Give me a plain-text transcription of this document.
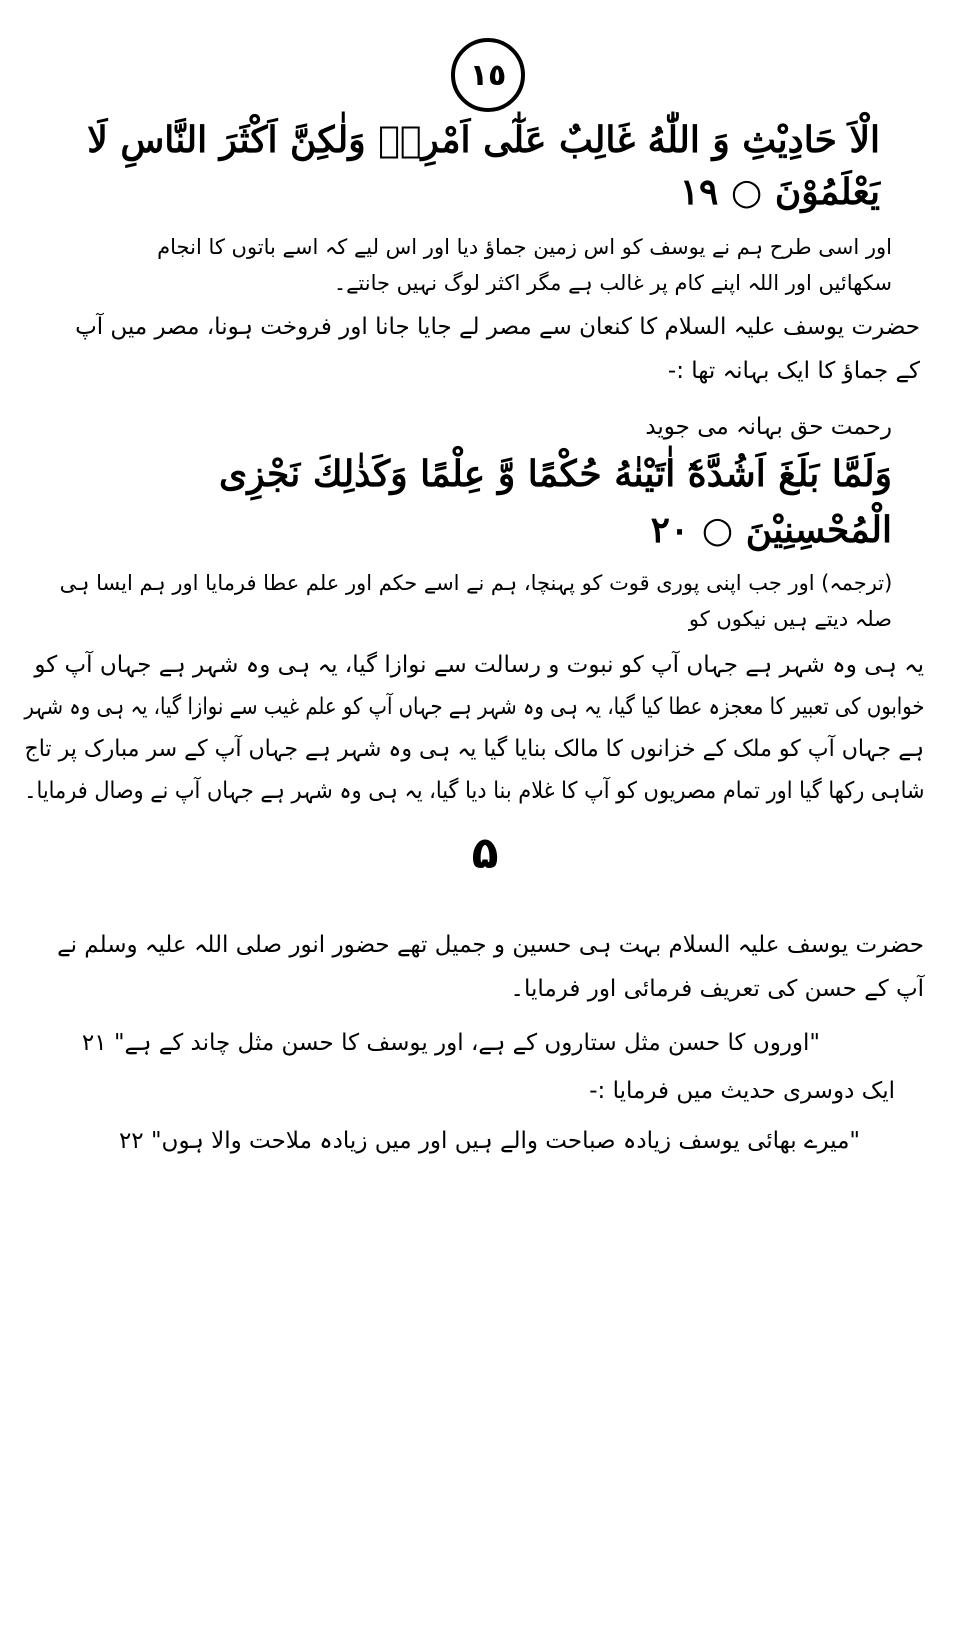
١٥
الْاَ حَادِيْثِ وَ اللّٰهُ غَالِبٌ عَلٰٓى اَمْرِهٖ وَلٰكِنَّ اَكْثَرَ النَّاسِ لَا
يَعْلَمُوْنَ ○ ١٩
اور اسی طرح ہم نے یوسف کو اس زمین جماؤ دیا اور اس لیے کہ اسے باتوں کا انجام
سکھائیں اور اللہ اپنے کام پر غالب ہے مگر اکثر لوگ نہیں جانتے۔
حضرت یوسف علیہ السلام کا کنعان سے مصر لے جایا جانا اور فروخت ہونا، مصر میں آپ
کے جماؤ کا ایک بہانہ تھا :-
رحمت حق بہانہ می جوید
وَلَمَّا بَلَغَ اَشُدَّهٗٓ اٰتَيْنٰهُ حُكْمًا وَّ عِلْمًا وَكَذٰلِكَ نَجْزِى
الْمُحْسِنِيْنَ ○ ٢٠
(ترجمہ) اور جب اپنی پوری قوت کو پہنچا، ہم نے اسے حکم اور علم عطا فرمایا اور ہم ایسا ہی
صلہ دیتے ہیں نیکوں کو
یہ ہی وہ شہر ہے جہاں آپ کو نبوت و رسالت سے نوازا گیا، یہ ہی وہ شہر ہے جہاں آپ کو
خوابوں کی تعبیر کا معجزہ عطا کیا گیا، یہ ہی وہ شہر ہے جہاں آپ کو علم غیب سے نوازا گیا، یہ ہی وہ شہر
ہے جہاں آپ کو ملک کے خزانوں کا مالک بنایا گیا یہ ہی وہ شہر ہے جہاں آپ کے سر مبارک پر تاج
شاہی رکھا گیا اور تمام مصریوں کو آپ کا غلام بنا دیا گیا، یہ ہی وہ شہر ہے جہاں آپ نے وصال فرمایا۔
۵
حضرت یوسف علیہ السلام بہت ہی حسین و جمیل تھے حضور انور صلی اللہ علیہ وسلم نے
آپ کے حسن کی تعریف فرمائی اور فرمایا۔
"اوروں کا حسن مثل ستاروں کے ہے، اور یوسف کا حسن مثل چاند کے ہے" ٢١
ایک دوسری حدیث میں فرمایا :-
"میرے بھائی یوسف زیادہ صباحت والے ہیں اور میں زیادہ ملاحت والا ہوں" ٢٢
